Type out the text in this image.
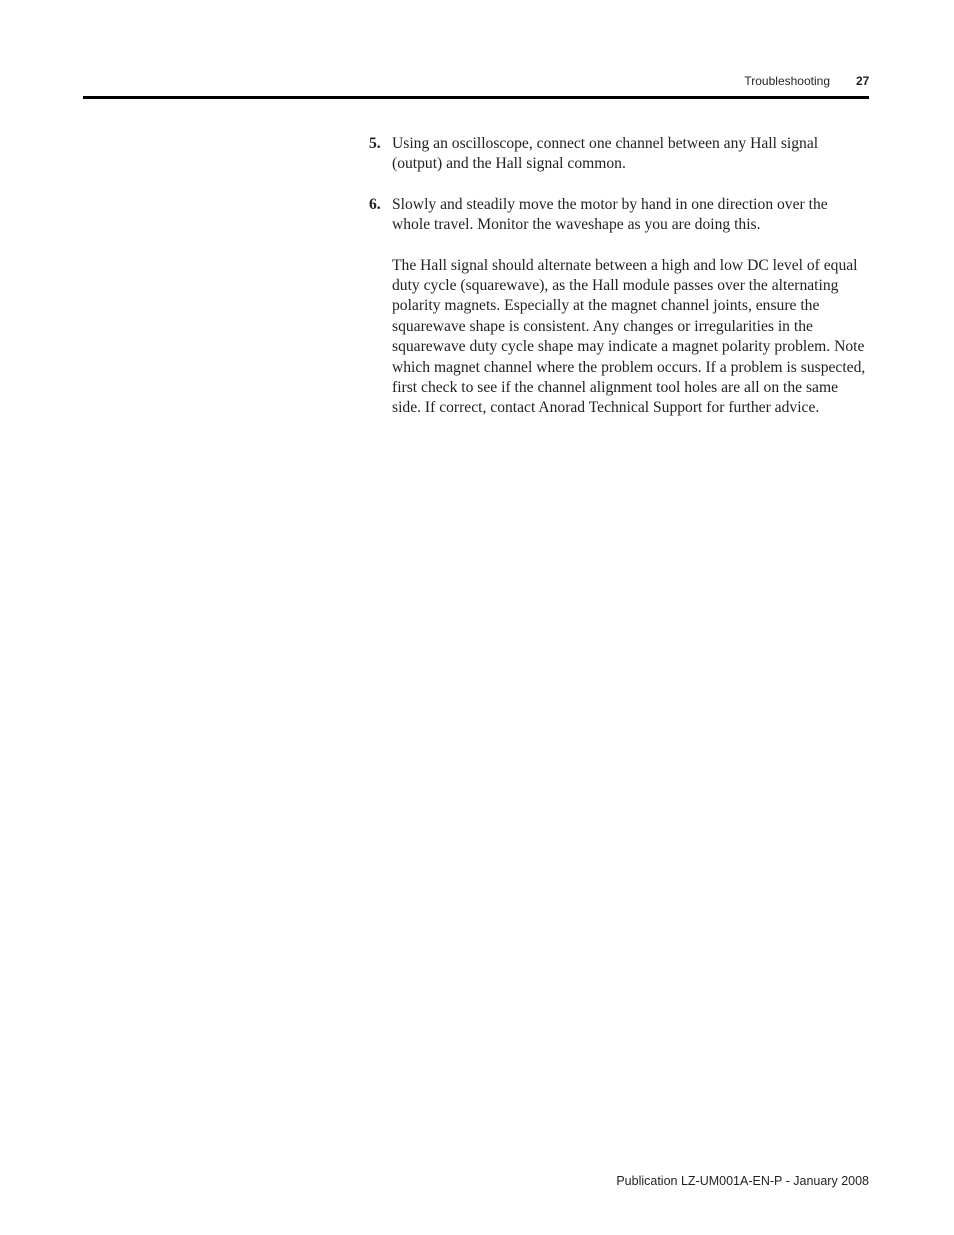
Troubleshooting 27
5. Using an oscilloscope, connect one channel between any Hall signal (output) and the Hall signal common.

6. Slowly and steadily move the motor by hand in one direction over the whole travel. Monitor the waveshape as you are doing this.

The Hall signal should alternate between a high and low DC level of equal duty cycle (squarewave), as the Hall module passes over the alternating polarity magnets. Especially at the magnet channel joints, ensure the squarewave shape is consistent. Any changes or irregularities in the squarewave duty cycle shape may indicate a magnet polarity problem. Note which magnet channel where the problem occurs. If a problem is suspected, first check to see if the channel alignment tool holes are all on the same side. If correct, contact Anorad Technical Support for further advice.

Publication LZ-UM001A-EN-P - January 2008
